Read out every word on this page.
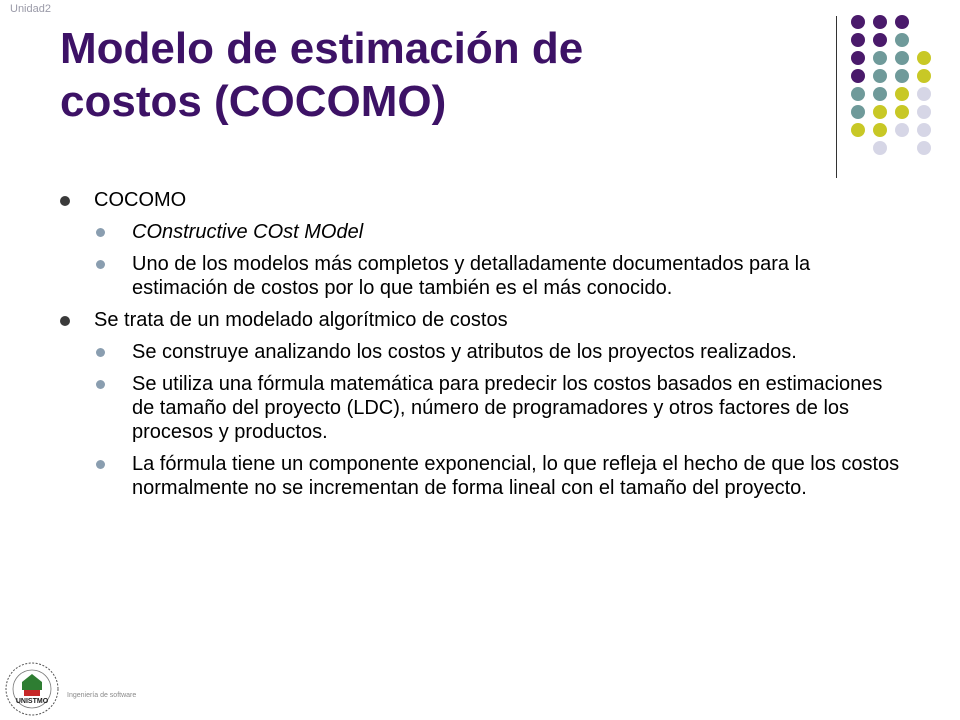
Unidad2
Modelo de estimación de
costos (COCOMO)
COCOMO
COnstructive COst MOdel
Uno de los modelos más completos y detalladamente documentados para la estimación de costos por lo que también es el más conocido.
Se trata de un modelado algorítmico de costos
Se construye analizando los costos y atributos de los proyectos realizados.
Se utiliza una fórmula matemática para predecir los costos basados en estimaciones de tamaño del proyecto (LDC), número de programadores y otros factores de los procesos y productos.
La fórmula tiene un componente exponencial, lo que refleja el hecho de que los costos normalmente no se incrementan de forma lineal con el tamaño del proyecto.
UNISTMO
Ingeniería de software
